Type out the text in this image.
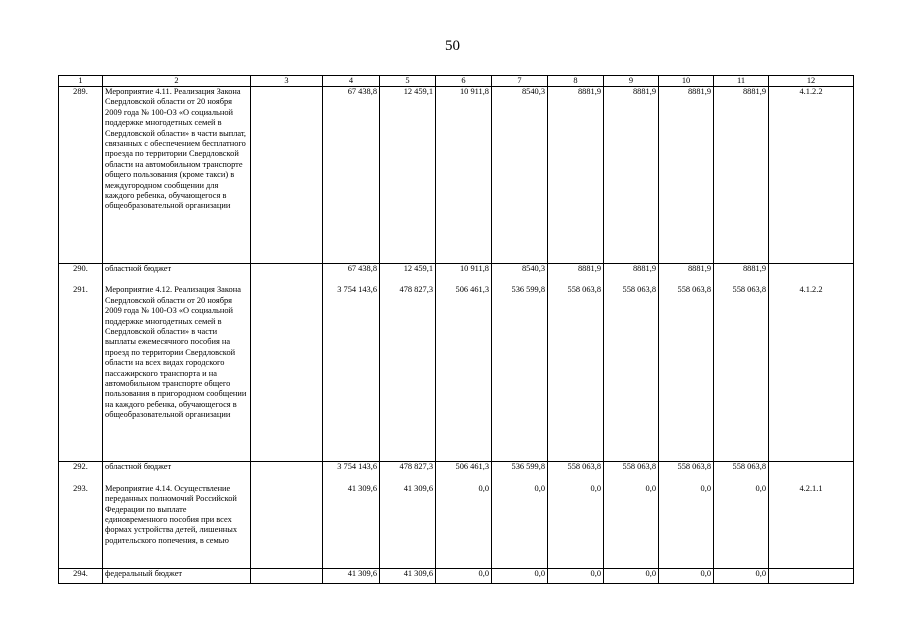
50
1	2	3	4	5	6	7	8	9	10	11	12
289.	Мероприятие 4.11. Реализация Закона Свердловской области от 20 ноября 2009 года № 100-ОЗ «О социальной поддержке многодетных семей в Свердловской области» в части выплат, связанных с обеспечением бесплатного проезда по территории Свердловской области на автомобильном транспорте общего пользования (кроме такси) в междугородном сообщении для каждого ребенка, обучающегося в общеобразовательной организации		67 438,8	12 459,1	10 911,8	8540,3	8881,9	8881,9	8881,9	8881,9	4.1.2.2
290.	областной бюджет		67 438,8	12 459,1	10 911,8	8540,3	8881,9	8881,9	8881,9	8881,9	

291.	Мероприятие 4.12. Реализация Закона Свердловской области от 20 ноября 2009 года № 100-ОЗ «О социальной поддержке многодетных семей в Свердловской области» в части выплаты ежемесячного пособия на проезд по территории Свердловской области на всех видах городского пассажирского транспорта и на автомобильном транспорте общего пользования в пригородном сообщении на каждого ребенка, обучающегося в общеобразовательной организации		3 754 143,6	478 827,3	506 461,3	536 599,8	558 063,8	558 063,8	558 063,8	558 063,8	4.1.2.2
292.	областной бюджет		3 754 143,6	478 827,3	506 461,3	536 599,8	558 063,8	558 063,8	558 063,8	558 063,8	

293.	Мероприятие 4.14. Осуществление переданных полномочий Российской Федерации по выплате единовременного пособия при всех формах устройства детей, лишенных родительского попечения, в семью		41 309,6	41 309,6	0,0	0,0	0,0	0,0	0,0	0,0	4.2.1.1
294.	федеральный бюджет		41 309,6	41 309,6	0,0	0,0	0,0	0,0	0,0	0,0	
